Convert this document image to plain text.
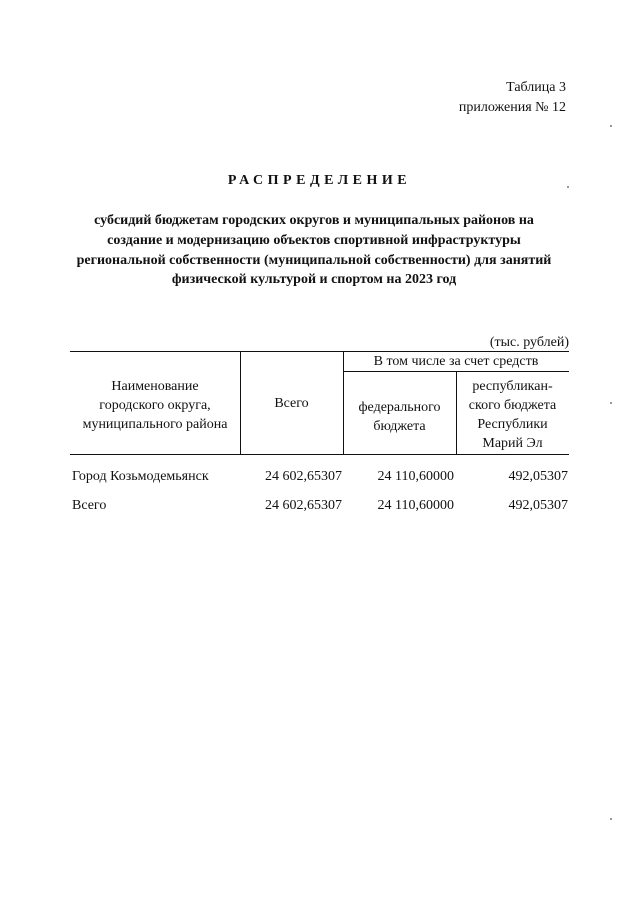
Таблица 3
приложения № 12
РАСПРЕДЕЛЕНИЕ
субсидий бюджетам городских округов и муниципальных районов на
создание и модернизацию объектов спортивной инфраструктуры
региональной собственности (муниципальной собственности) для занятий
физической культурой и спортом на 2023 год
(тыс. рублей)
Наименование
городского округа,
муниципального района
Всего
В том числе за счет средств
федерального
бюджета
республикан-
ского бюджета
Республики
Марий Эл
Город Козьмодемьянск	24 602,65307	24 110,60000	492,05307
Всего	24 602,65307	24 110,60000	492,05307
